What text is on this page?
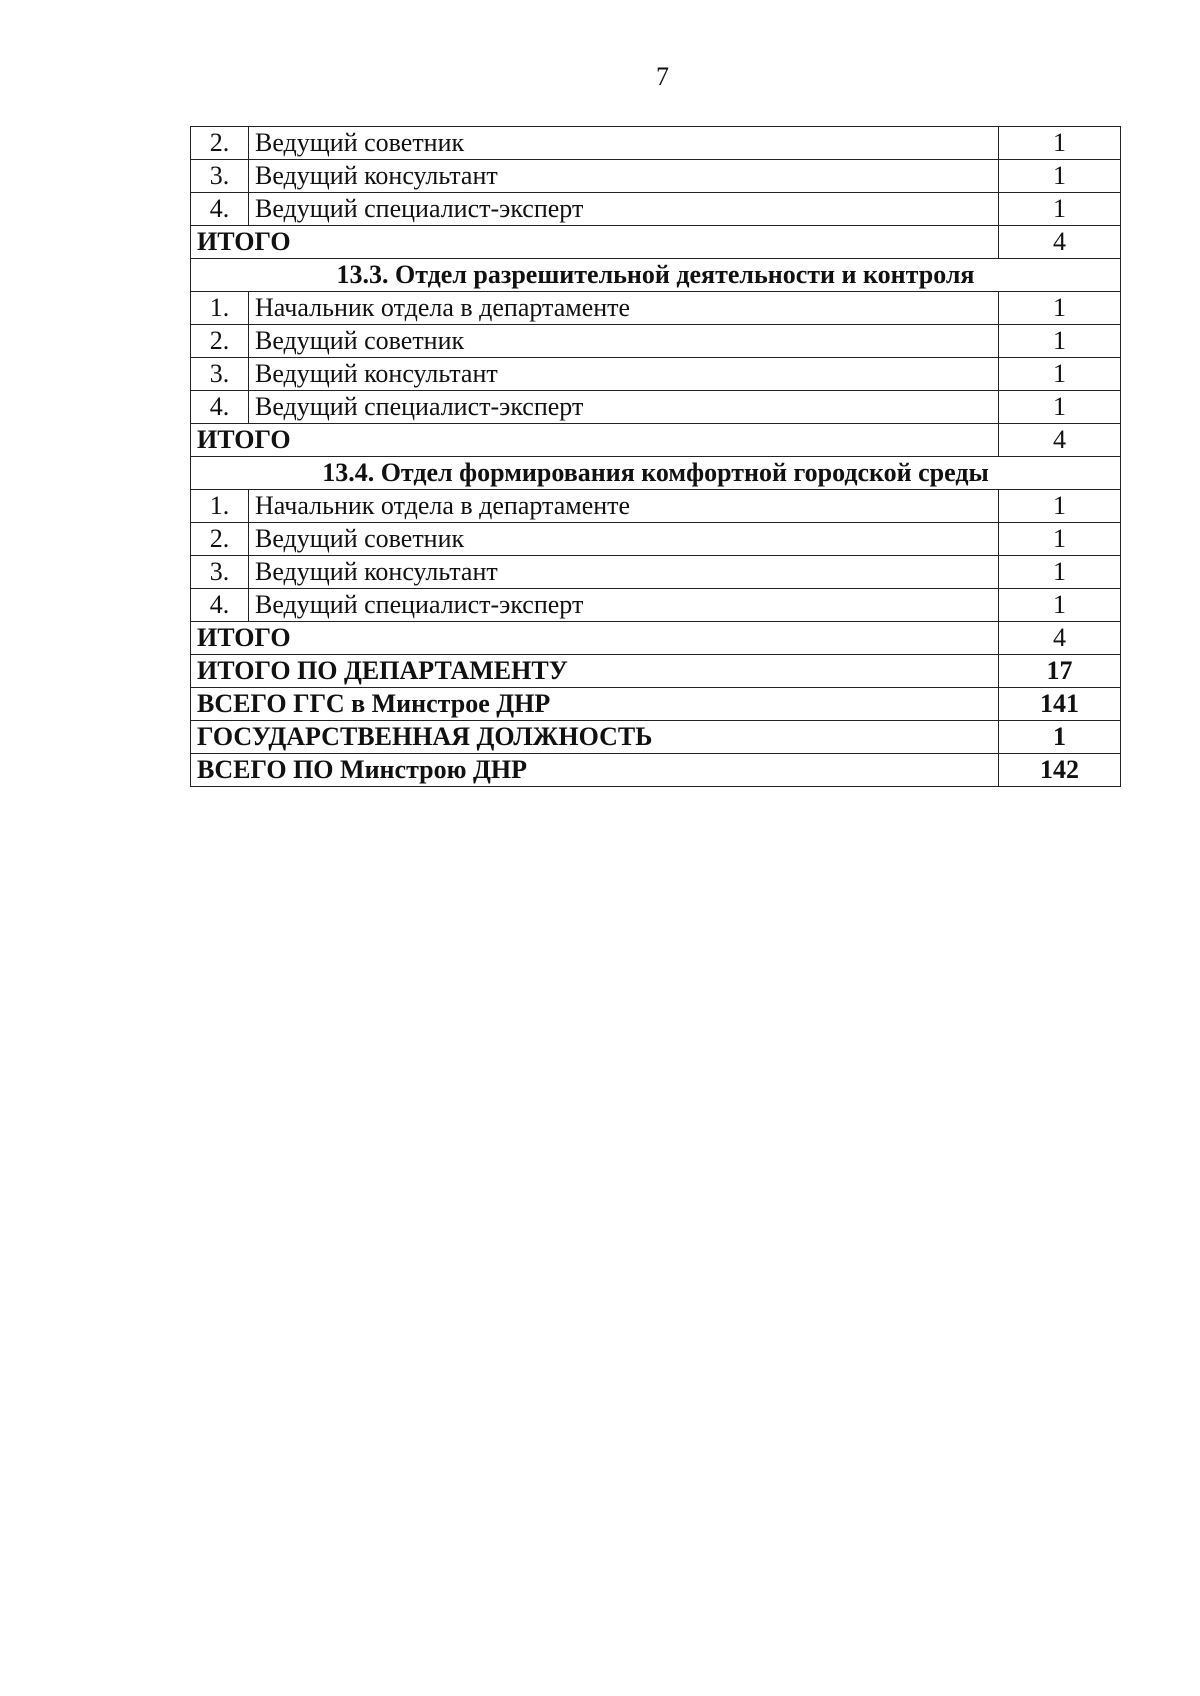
7
2.	Ведущий советник	1
3.	Ведущий консультант	1
4.	Ведущий специалист-эксперт	1
ИТОГО		4
13.3. Отдел разрешительной деятельности и контроля		
1.	Начальник отдела в департаменте	1
2.	Ведущий советник	1
3.	Ведущий консультант	1
4.	Ведущий специалист-эксперт	1
ИТОГО		4
13.4. Отдел формирования комфортной городской среды		
1.	Начальник отдела в департаменте	1
2.	Ведущий советник	1
3.	Ведущий консультант	1
4.	Ведущий специалист-эксперт	1
ИТОГО		4
ИТОГО ПО ДЕПАРТАМЕНТУ		17
ВСЕГО ГГС в Минстрое ДНР		141
ГОСУДАРСТВЕННАЯ ДОЛЖНОСТЬ		1
ВСЕГО ПО Минстрою ДНР		142
